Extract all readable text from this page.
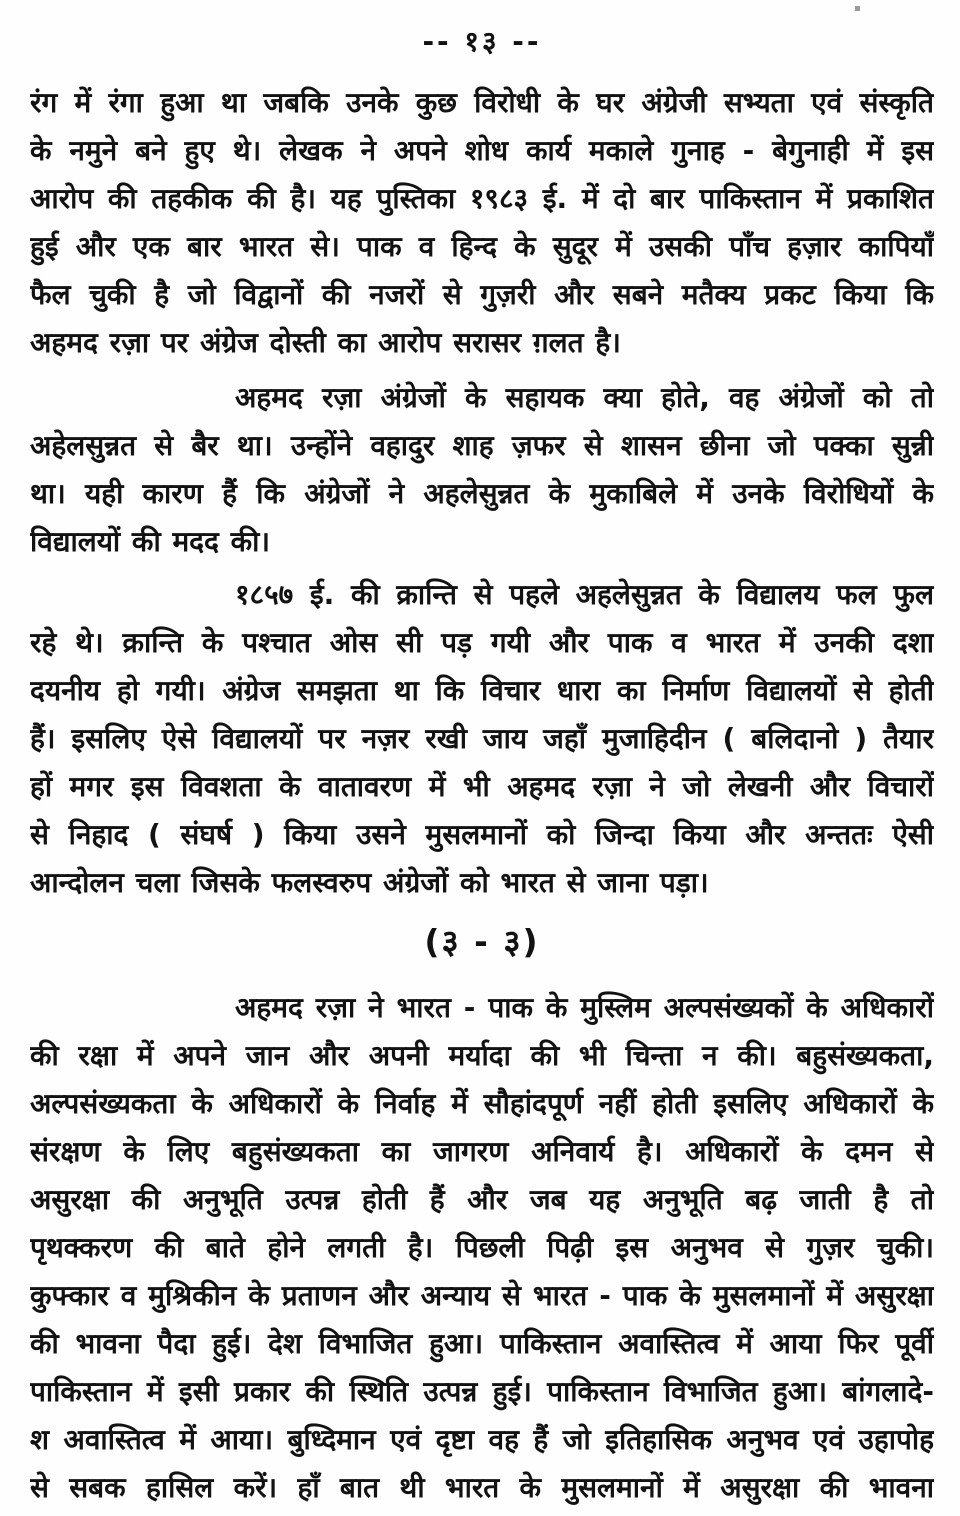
-- १३ --
रंग में रंगा हुआ था जबकि उनके कुछ विरोधी के घर अंग्रेजी सभ्यता एवं संस्कृति
के नमुने बने हुए थे। लेखक ने अपने शोध कार्य मकाले गुनाह - बेगुनाही में इस
आरोप की तहकीक की है। यह पुस्तिका १९८३ ई. में दो बार पाकिस्तान में प्रकाशित
हुई और एक बार भारत से। पाक व हिन्द के सुदूर में उसकी पाँच हज़ार कापियाँ
फैल चुकी है जो विद्वानों की नजरों से गुज़री और सबने मतैक्य प्रकट किया कि
अहमद रज़ा पर अंग्रेज दोस्ती का आरोप सरासर ग़लत है।
अहमद रज़ा अंग्रेजों के सहायक क्या होते, वह अंग्रेजों को तो
अहेलसुन्नत से बैर था। उन्होंने वहादुर शाह ज़फर से शासन छीना जो पक्का सुन्नी
था। यही कारण हैं कि अंग्रेजों ने अहलेसुन्नत के मुकाबिले में उनके विरोधियों के
विद्यालयों की मदद की।
१८५७ ई. की क्रान्ति से पहले अहलेसुन्नत के विद्यालय फल फुल
रहे थे। क्रान्ति के पश्चात ओस सी पड़ गयी और पाक व भारत में उनकी दशा
दयनीय हो गयी। अंग्रेज समझता था कि विचार धारा का निर्माण विद्यालयों से होती
हैं। इसलिए ऐसे विद्यालयों पर नज़र रखी जाय जहाँ मुजाहिदीन ( बलिदानो ) तैयार
हों मगर इस विवशता के वातावरण में भी अहमद रज़ा ने जो लेखनी और विचारों
से निहाद ( संघर्ष ) किया उसने मुसलमानों को जिन्दा किया और अन्ततः ऐसी
आन्दोलन चला जिसके फलस्वरुप अंग्रेजों को भारत से जाना पड़ा।
(३ - ३)
अहमद रज़ा ने भारत - पाक के मुस्लिम अल्पसंख्यकों के अधिकारों
की रक्षा में अपने जान और अपनी मर्यादा की भी चिन्ता न की। बहुसंख्यकता,
अल्पसंख्यकता के अधिकारों के निर्वाह में सौहांदपूर्ण नहीं होती इसलिए अधिकारों के
संरक्षण के लिए बहुसंख्यकता का जागरण अनिवार्य है। अधिकारों के दमन से
असुरक्षा की अनुभूति उत्पन्न होती हैं और जब यह अनुभूति बढ़ जाती है तो
पृथक्करण की बाते होने लगती है। पिछली पिढ़ी इस अनुभव से गुज़र चुकी।
कुफ्कार व मुश्रिकीन के प्रताणन और अन्याय से भारत - पाक के मुसलमानों में असुरक्षा
की भावना पैदा हुई। देश विभाजित हुआ। पाकिस्तान अवास्तित्व में आया फिर पूर्वी
पाकिस्तान में इसी प्रकार की स्थिति उत्पन्न हुई। पाकिस्तान विभाजित हुआ। बांगलादे-
श अवास्तित्व में आया। बुध्दिमान एवं दृष्टा वह हैं जो इतिहासिक अनुभव एवं उहापोह
से सबक हासिल करें। हाँ बात थी भारत के मुसलमानों में असुरक्षा की भावना
